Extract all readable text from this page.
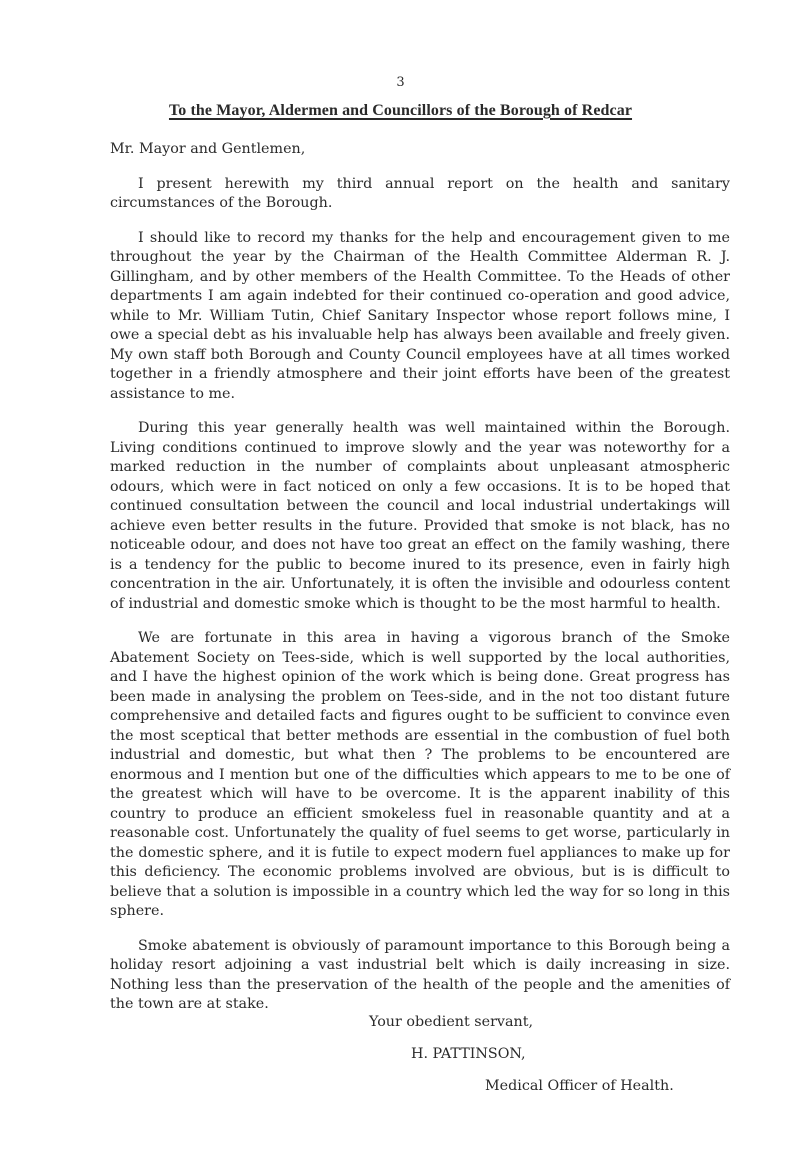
3
To the Mayor, Aldermen and Councillors of the Borough of Redcar

Mr. Mayor and Gentlemen,

I present herewith my third annual report on the health and sanitary circumstances of the Borough.

I should like to record my thanks for the help and encouragement given to me throughout the year by the Chairman of the Health Committee Alderman R. J. Gillingham, and by other members of the Health Committee. To the Heads of other departments I am again indebted for their continued co-operation and good advice, while to Mr. William Tutin, Chief Sanitary Inspector whose report follows mine, I owe a special debt as his invaluable help has always been available and freely given. My own staff both Borough and County Council employees have at all times worked together in a friendly atmosphere and their joint efforts have been of the greatest assistance to me.

During this year generally health was well maintained within the Borough. Living conditions continued to improve slowly and the year was noteworthy for a marked reduction in the number of complaints about unpleasant atmospheric odours, which were in fact noticed on only a few occasions. It is to be hoped that continued consultation between the council and local industrial undertakings will achieve even better results in the future. Provided that smoke is not black, has no noticeable odour, and does not have too great an effect on the family washing, there is a tendency for the public to become inured to its presence, even in fairly high concentration in the air. Unfortunately, it is often the invisible and odourless content of industrial and domestic smoke which is thought to be the most harmful to health.

We are fortunate in this area in having a vigorous branch of the Smoke Abatement Society on Tees-side, which is well supported by the local authorities, and I have the highest opinion of the work which is being done. Great progress has been made in analysing the problem on Tees-side, and in the not too distant future comprehensive and detailed facts and figures ought to be sufficient to convince even the most sceptical that better methods are essential in the combustion of fuel both industrial and domestic, but what then ? The problems to be encountered are enormous and I mention but one of the difficulties which appears to me to be one of the greatest which will have to be overcome. It is the apparent inability of this country to produce an efficient smokeless fuel in reasonable quantity and at a reasonable cost. Unfortunately the quality of fuel seems to get worse, particularly in the domestic sphere, and it is futile to expect modern fuel appliances to make up for this deficiency. The economic problems involved are obvious, but is is difficult to believe that a solution is impossible in a country which led the way for so long in this sphere.

Smoke abatement is obviously of paramount importance to this Borough being a holiday resort adjoining a vast industrial belt which is daily increasing in size. Nothing less than the preservation of the health of the people and the amenities of the town are at stake.

Your obedient servant,
H. PATTINSON,
Medical Officer of Health.
